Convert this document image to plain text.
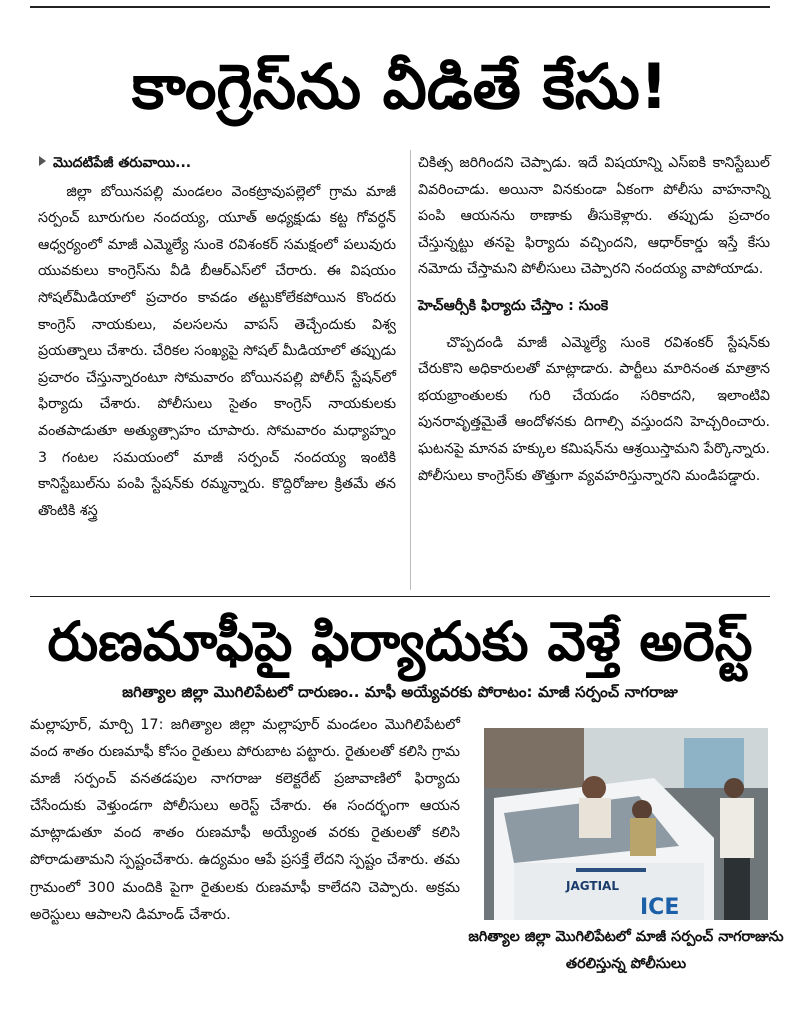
కాంగ్రెస్‌ను వీడితే కేసు!
మొదటిపేజీ తరువాయి...

జిల్లా బోయినపల్లి మండలం వెంకట్రావుపల్లెలో గ్రామ మాజీ సర్పంచ్ బూరుగుల నందయ్య, యూత్ అధ్యక్షుడు కట్ట గోవర్ధన్ ఆధ్వర్యంలో మాజీ ఎమ్మెల్యే సుంకె రవిశంకర్ సమక్షంలో పలువురు యువకులు కాంగ్రెస్‌ను వీడి బీఆర్ఎస్‌లో చేరారు. ఈ విషయం సోషల్‌మీడియాలో ప్రచారం కావడం తట్టుకోలేకపోయిన కొందరు కాంగ్రెస్ నాయకులు, వలసలను వాపస్ తెచ్చేందుకు విశ్వ ప్రయత్నాలు చేశారు. చేరికల సంఖ్యపై సోషల్ మీడియాలో తప్పుడు ప్రచారం చేస్తున్నారంటూ సోమవారం బోయినపల్లి పోలీస్ స్టేషన్‌లో ఫిర్యాదు చేశారు. పోలీసులు సైతం కాంగ్రెస్ నాయకులకు వంతపాడుతూ అత్యుత్సాహం చూపారు. సోమవారం మధ్యాహ్నం 3 గంటల సమయంలో మాజీ సర్పంచ్ నందయ్య ఇంటికి కానిస్టేబుల్‌ను పంపి స్టేషన్‌కు రమ్మన్నారు. కొద్దిరోజుల క్రితమే తన తొంటికి శస్త్ర

చికిత్స జరిగిందని చెప్పాడు. ఇదే విషయాన్ని ఎస్ఐకి కానిస్టేబుల్ వివరించాడు. అయినా వినకుండా ఏకంగా పోలీసు వాహనాన్ని పంపి ఆయనను ఠాణాకు తీసుకెళ్లారు. తప్పుడు ప్రచారం చేస్తున్నట్టు తనపై ఫిర్యాదు వచ్చిందని, ఆధార్‌కార్డు ఇస్తే కేసు నమోదు చేస్తామని పోలీసులు చెప్పారని నందయ్య వాపోయాడు.

హెచ్ఆర్సీకి ఫిర్యాదు చేస్తాం : సుంకె

చొప్పదండి మాజీ ఎమ్మెల్యే సుంకె రవిశంకర్ స్టేషన్‌కు చేరుకొని అధికారులతో మాట్లాడారు. పార్టీలు మారినంత మాత్రాన భయభ్రాంతులకు గురి చేయడం సరికాదని, ఇలాంటివి పునరావృత్తమైతే ఆందోళనకు దిగాల్సి వస్తుందని హెచ్చరించారు. ఘటనపై మానవ హక్కుల కమిషన్‌ను ఆశ్రయిస్తామని పేర్కొన్నారు. పోలీసులు కాంగ్రెస్‌కు తొత్తుగా వ్యవహరిస్తున్నారని మండిపడ్డారు.

రుణమాఫీపై ఫిర్యాదుకు వెళ్తే అరెస్ట్
జగిత్యాల జిల్లా మొగిలిపేటలో దారుణం.. మాఫీ అయ్యేవరకు పోరాటం: మాజీ సర్పంచ్ నాగరాజు

మల్లాపూర్, మార్చి 17: జగిత్యాల జిల్లా మల్లాపూర్ మండలం మొగిలిపేటలో వంద శాతం రుణమాఫీ కోసం రైతులు పోరుబాట పట్టారు. రైతులతో కలిసి గ్రామ మాజీ సర్పంచ్ వనతడపుల నాగరాజు కలెక్టరేట్ ప్రజావాణిలో ఫిర్యాదు చేసేందుకు వెళ్తుండగా పోలీసులు అరెస్ట్ చేశారు. ఈ సందర్భంగా ఆయన మాట్లాడుతూ వంద శాతం రుణమాఫీ అయ్యేంత వరకు రైతులతో కలిసి పోరాడుతామని స్పష్టంచేశారు. ఉద్యమం ఆపే ప్రసక్తే లేదని స్పష్టం చేశారు. తమ గ్రామంలో 300 మందికి పైగా రైతులకు రుణమాఫీ కాలేదని చెప్పారు. అక్రమ అరెస్టులు ఆపాలని డిమాండ్ చేశారు.

JAGTIAL
ICE
జగిత్యాల జిల్లా మొగిలిపేటలో మాజీ సర్పంచ్ నాగరాజును తరలిస్తున్న పోలీసులు
